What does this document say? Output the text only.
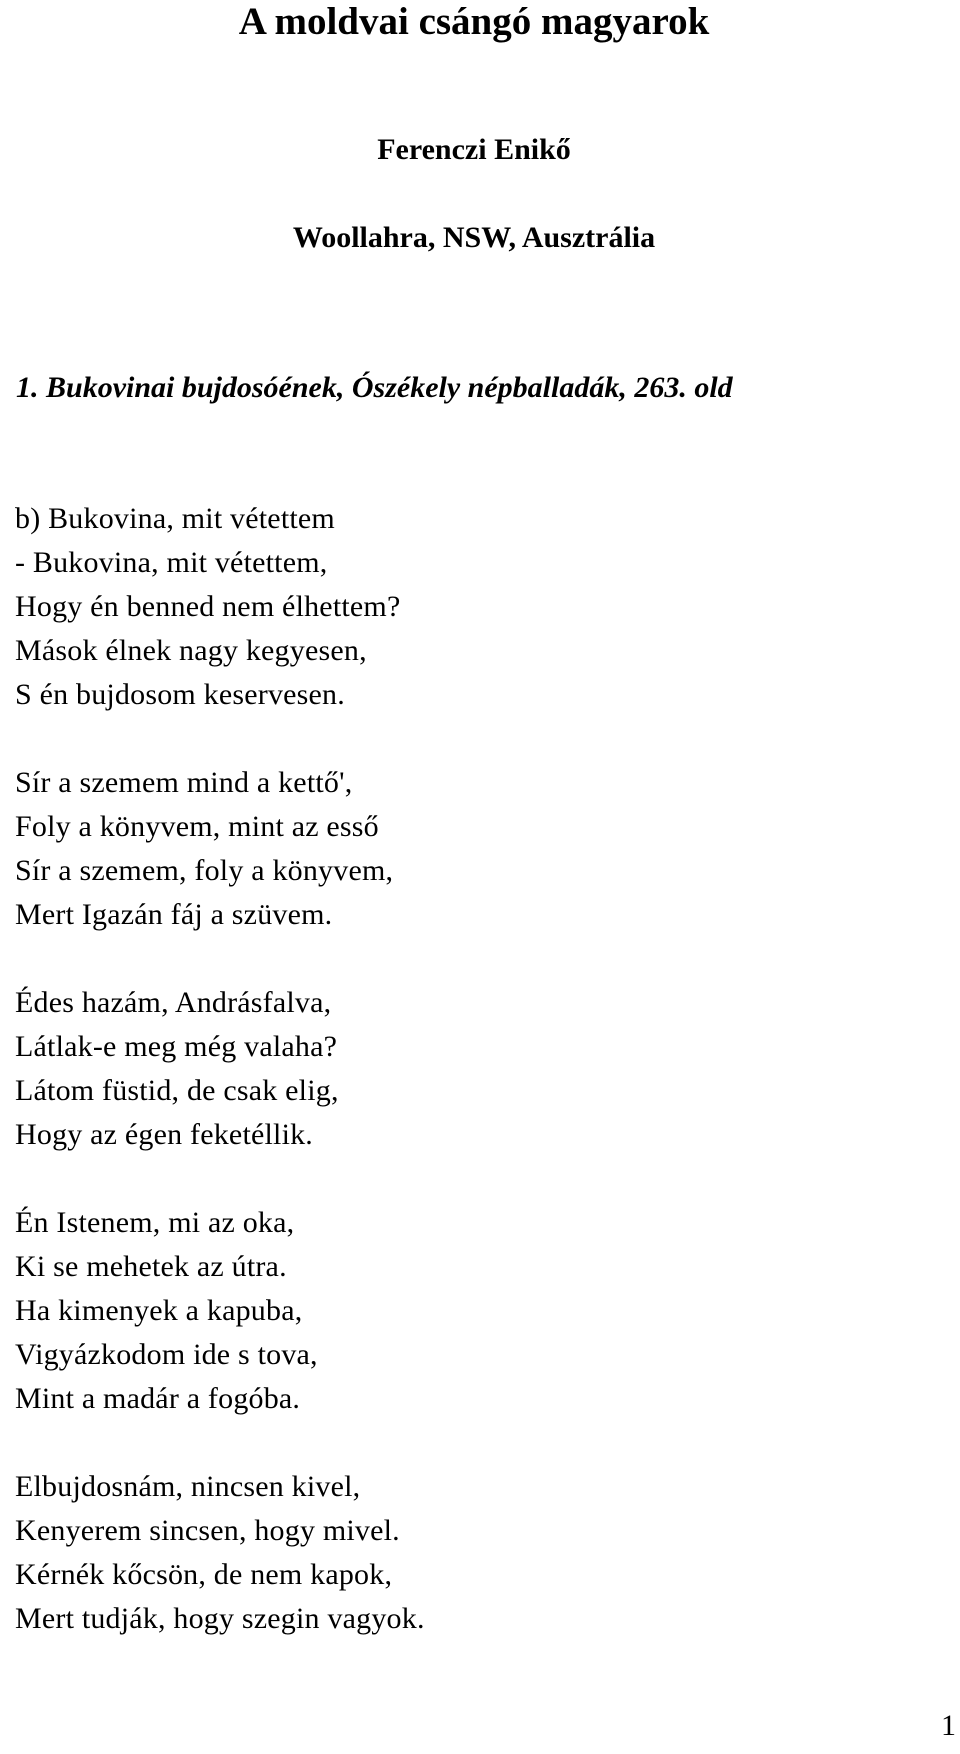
A moldvai csángó magyarok
Ferenczi Enikő
Woollahra, NSW, Ausztrália
1. Bukovinai bujdosóének, Ószékely népballadák, 263. old
b) Bukovina, mit vétettem
- Bukovina, mit vétettem,
Hogy én benned nem élhettem?
Mások élnek nagy kegyesen,
S én bujdosom keservesen.
Sír a szemem mind a kettő',
Foly a könyvem, mint az esső
Sír a szemem, foly a könyvem,
Mert Igazán fáj a szüvem.
Édes hazám, Andrásfalva,
Látlak-e meg még valaha?
Látom füstid, de csak elig,
Hogy az égen feketéllik.
Én Istenem, mi az oka,
Ki se mehetek az útra.
Ha kimenyek a kapuba,
Vigyázkodom ide s tova,
Mint a madár a fogóba.
Elbujdosnám, nincsen kivel,
Kenyerem sincsen, hogy mivel.
Kérnék kőcsön, de nem kapok,
Mert tudják, hogy szegin vagyok.
1
